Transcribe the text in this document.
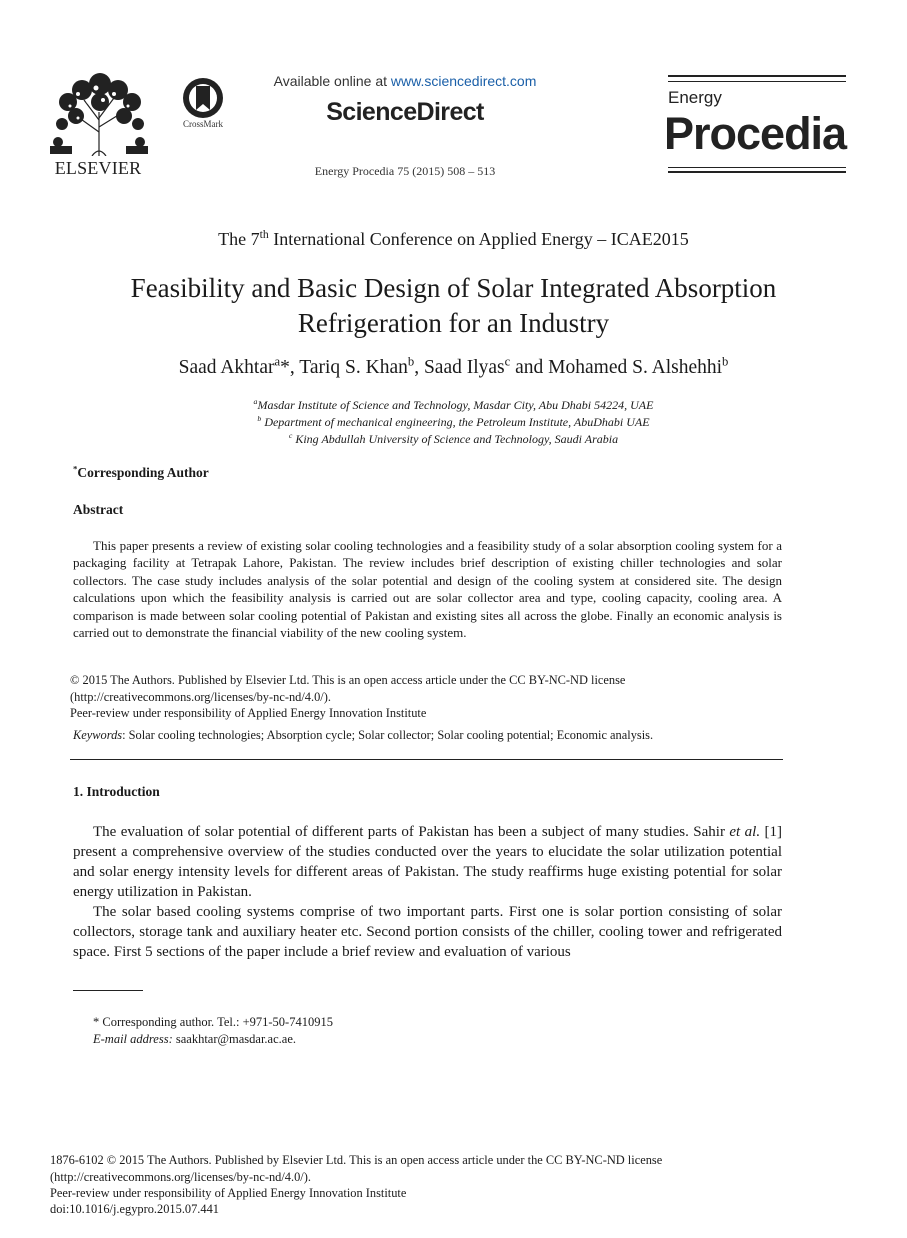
ELSEVIER
CrossMark
Available online at www.sciencedirect.com
ScienceDirect
Energy Procedia 75 (2015) 508 – 513
Energy
Procedia
The 7th International Conference on Applied Energy – ICAE2015
Feasibility and Basic Design of Solar Integrated Absorption
Refrigeration for an Industry
Saad Akhtar$^a$*, Tariq S. Khan$^b$, Saad Ilyas$^c$ and Mohamed S. Alshehhi$^b$
$^a$Masdar Institute of Science and Technology, Masdar City, Abu Dhabi 54224, UAE
$^b$ Department of mechanical engineering, the Petroleum Institute, AbuDhabi UAE
$^c$ King Abdullah University of Science and Technology, Saudi Arabia
*Corresponding Author
Abstract
This paper presents a review of existing solar cooling technologies and a feasibility study of a solar absorption cooling system for a packaging facility at Tetrapak Lahore, Pakistan. The review includes brief description of existing chiller technologies and solar collectors. The case study includes analysis of the solar potential and design of the cooling system at considered site. The design calculations upon which the feasibility analysis is carried out are solar collector area and type, cooling capacity, cooling area. A comparison is made between solar cooling potential of Pakistan and existing sites all across the globe. Finally an economic analysis is carried out to demonstrate the financial viability of the new cooling system.
© 2015 The Authors. Published by Elsevier Ltd. This is an open access article under the CC BY-NC-ND license
(http://creativecommons.org/licenses/by-nc-nd/4.0/).
Peer-review under responsibility of Applied Energy Innovation Institute
Keywords: Solar cooling technologies; Absorption cycle; Solar collector; Solar cooling potential; Economic analysis.
1. Introduction
The evaluation of solar potential of different parts of Pakistan has been a subject of many studies. Sahir et al. [1] present a comprehensive overview of the studies conducted over the years to elucidate the solar utilization potential and solar energy intensity levels for different areas of Pakistan. The study reaffirms huge existing potential for solar energy utilization in Pakistan.
The solar based cooling systems comprise of two important parts. First one is solar portion consisting of solar collectors, storage tank and auxiliary heater etc. Second portion consists of the chiller, cooling tower and refrigerated space. First 5 sections of the paper include a brief review and evaluation of various
* Corresponding author. Tel.: +971-50-7410915
E-mail address: saakhtar@masdar.ac.ae.
1876-6102 © 2015 The Authors. Published by Elsevier Ltd. This is an open access article under the CC BY-NC-ND license
(http://creativecommons.org/licenses/by-nc-nd/4.0/).
Peer-review under responsibility of Applied Energy Innovation Institute
doi:10.1016/j.egypro.2015.07.441
